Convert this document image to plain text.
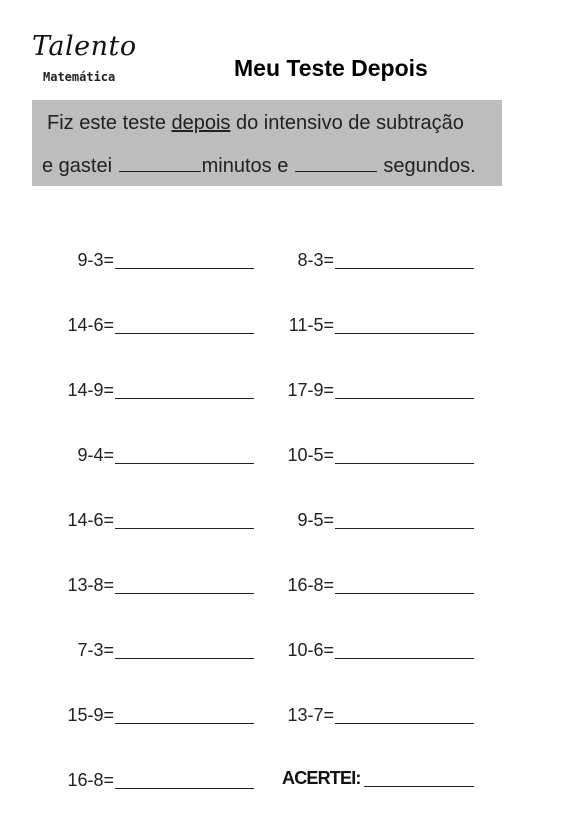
Talento
Matemática	Meu Teste Depois
Fiz este teste depois do intensivo de subtração
e gastei	minutos e	segundos.
9-3=
14-6=
14-9=
9-4=
14-6=
13-8=
7-3=
15-9=
16-8=
8-3=
11-5=
17-9=
10-5=
9-5=
16-8=
10-6=
13-7=
ACERTEI:
